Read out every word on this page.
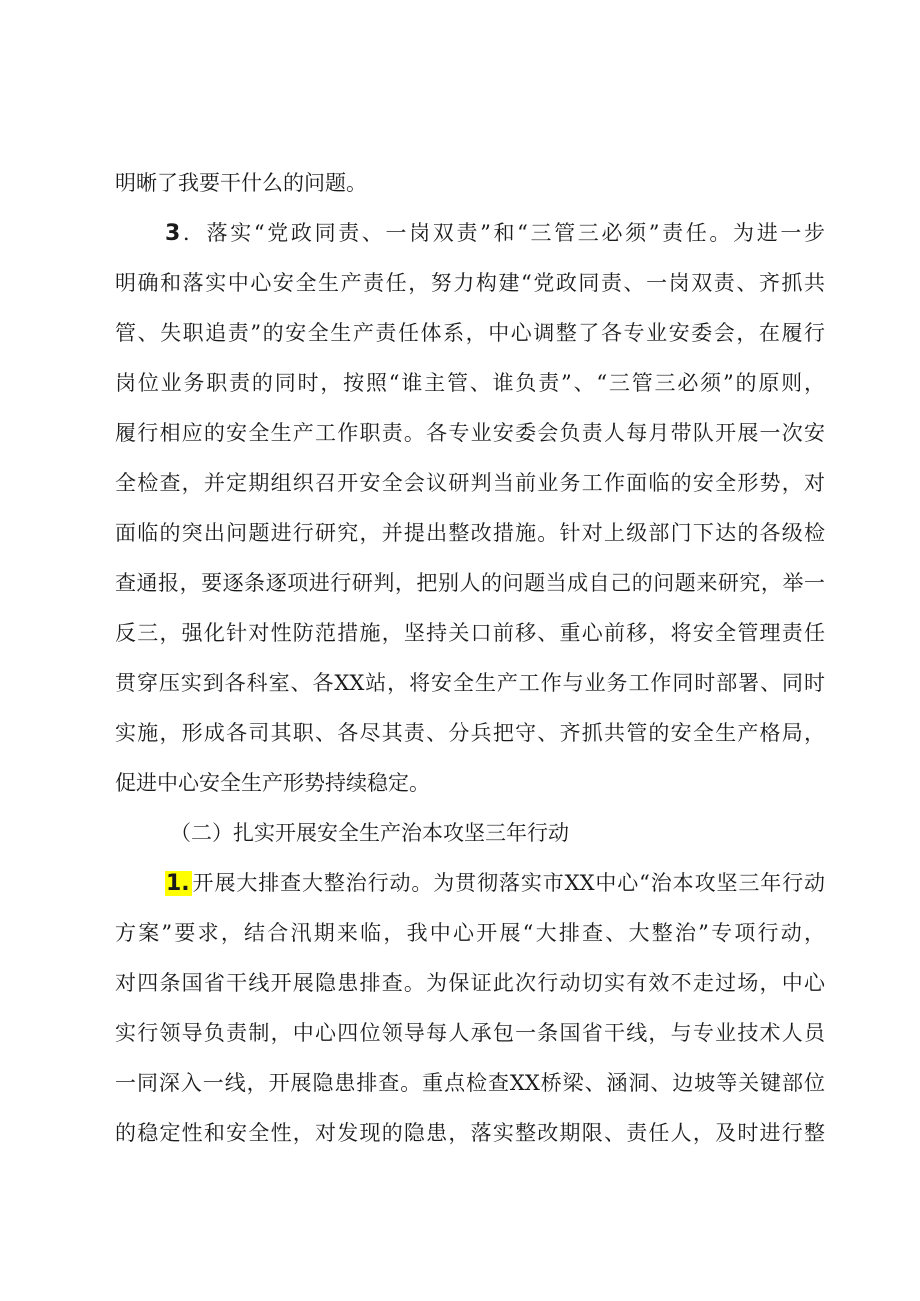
明晰了我要干什么的问题。
3．落实“党政同责、一岗双责”和“三管三必须”责任。为进一步
明确和落实中心安全生产责任，努力构建“党政同责、一岗双责、齐抓共
管、失职追责”的安全生产责任体系，中心调整了各专业安委会，在履行
岗位业务职责的同时，按照“谁主管、谁负责”、“三管三必须”的原则，
履行相应的安全生产工作职责。各专业安委会负责人每月带队开展一次安
全检查，并定期组织召开安全会议研判当前业务工作面临的安全形势，对
面临的突出问题进行研究，并提出整改措施。针对上级部门下达的各级检
查通报，要逐条逐项进行研判，把别人的问题当成自己的问题来研究，举一
反三，强化针对性防范措施，坚持关口前移、重心前移，将安全管理责任
贯穿压实到各科室、各XX站，将安全生产工作与业务工作同时部署、同时
实施，形成各司其职、各尽其责、分兵把守、齐抓共管的安全生产格局，
促进中心安全生产形势持续稳定。
（二）扎实开展安全生产治本攻坚三年行动
1.开展大排查大整治行动。为贯彻落实市XX中心“治本攻坚三年行动
方案”要求，结合汛期来临，我中心开展“大排查、大整治”专项行动，
对四条国省干线开展隐患排查。为保证此次行动切实有效不走过场，中心
实行领导负责制，中心四位领导每人承包一条国省干线，与专业技术人员
一同深入一线，开展隐患排查。重点检查XX桥梁、涵洞、边坡等关键部位
的稳定性和安全性，对发现的隐患，落实整改期限、责任人，及时进行整
